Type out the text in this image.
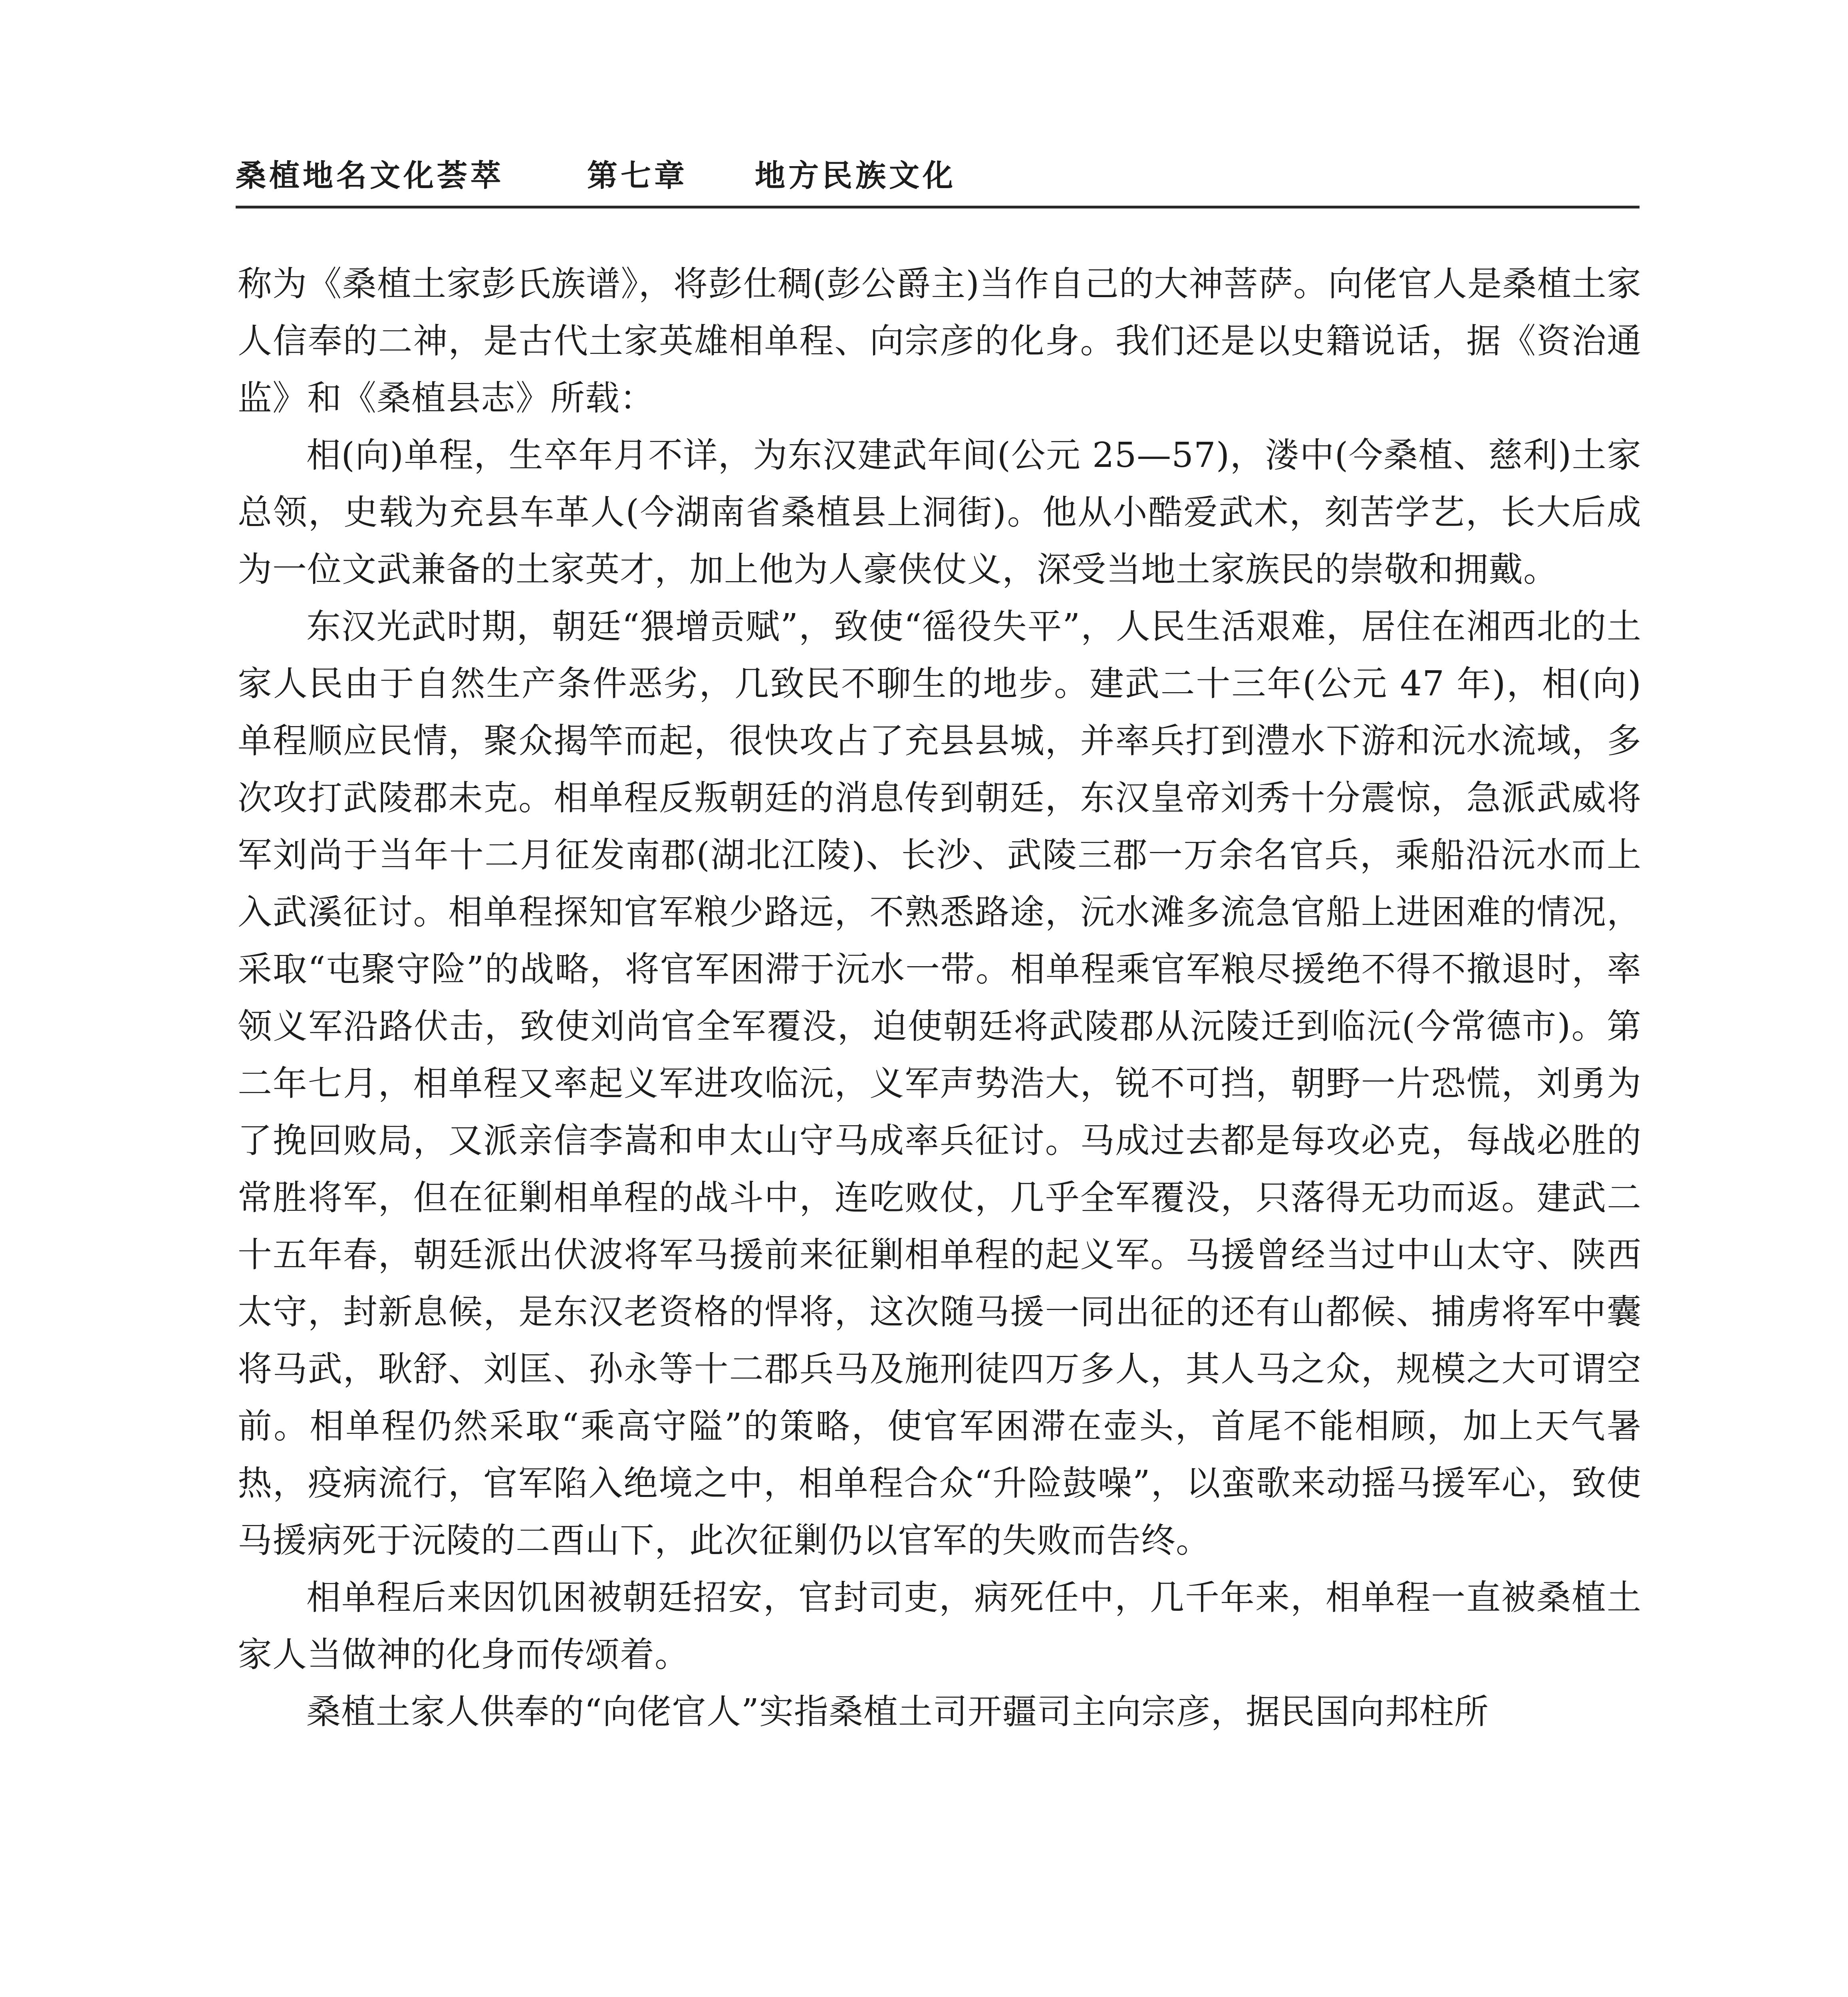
桑植地名文化荟萃	第七章 地方民族文化

称为《桑植土家彭氏族谱》，将彭仕稠(彭公爵主)当作自己的大神菩萨。向佬官人是桑植土家人信奉的二神，是古代土家英雄相单程、向宗彦的化身。我们还是以史籍说话，据《资治通监》和《桑植县志》所载：

相(向)单程，生卒年月不详，为东汉建武年间(公元 25—57)，溇中(今桑植、慈利)土家总领，史载为充县车革人(今湖南省桑植县上洞街)。他从小酷爱武术，刻苦学艺，长大后成为一位文武兼备的土家英才，加上他为人豪侠仗义，深受当地土家族民的崇敬和拥戴。

东汉光武时期，朝廷“猥增贡赋”，致使“徭役失平”，人民生活艰难，居住在湘西北的土家人民由于自然生产条件恶劣，几致民不聊生的地步。建武二十三年(公元 47 年)，相(向)单程顺应民情，聚众揭竿而起，很快攻占了充县县城，并率兵打到澧水下游和沅水流域，多次攻打武陵郡未克。相单程反叛朝廷的消息传到朝廷，东汉皇帝刘秀十分震惊，急派武威将军刘尚于当年十二月征发南郡(湖北江陵)、长沙、武陵三郡一万余名官兵，乘船沿沅水而上入武溪征讨。相单程探知官军粮少路远，不熟悉路途，沅水滩多流急官船上进困难的情况，采取“屯聚守险”的战略，将官军困滞于沅水一带。相单程乘官军粮尽援绝不得不撤退时，率领义军沿路伏击，致使刘尚官全军覆没，迫使朝廷将武陵郡从沅陵迁到临沅(今常德市)。第二年七月，相单程又率起义军进攻临沅，义军声势浩大，锐不可挡，朝野一片恐慌，刘勇为了挽回败局，又派亲信李嵩和申太山守马成率兵征讨。马成过去都是每攻必克，每战必胜的常胜将军，但在征剿相单程的战斗中，连吃败仗，几乎全军覆没，只落得无功而返。建武二十五年春，朝廷派出伏波将军马援前来征剿相单程的起义军。马援曾经当过中山太守、陕西太守，封新息候，是东汉老资格的悍将，这次随马援一同出征的还有山都候、捕虏将军中囊将马武，耿舒、刘匡、孙永等十二郡兵马及施刑徒四万多人，其人马之众，规模之大可谓空前。相单程仍然采取“乘高守隘”的策略，使官军困滞在壶头，首尾不能相顾，加上天气暑热，疫病流行，官军陷入绝境之中，相单程合众“升险鼓噪”，以蛮歌来动摇马援军心，致使马援病死于沅陵的二酉山下，此次征剿仍以官军的失败而告终。

相单程后来因饥困被朝廷招安，官封司吏，病死任中，几千年来，相单程一直被桑植土家人当做神的化身而传颂着。

桑植土家人供奉的“向佬官人”实指桑植土司开疆司主向宗彦，据民国向邦柱所
